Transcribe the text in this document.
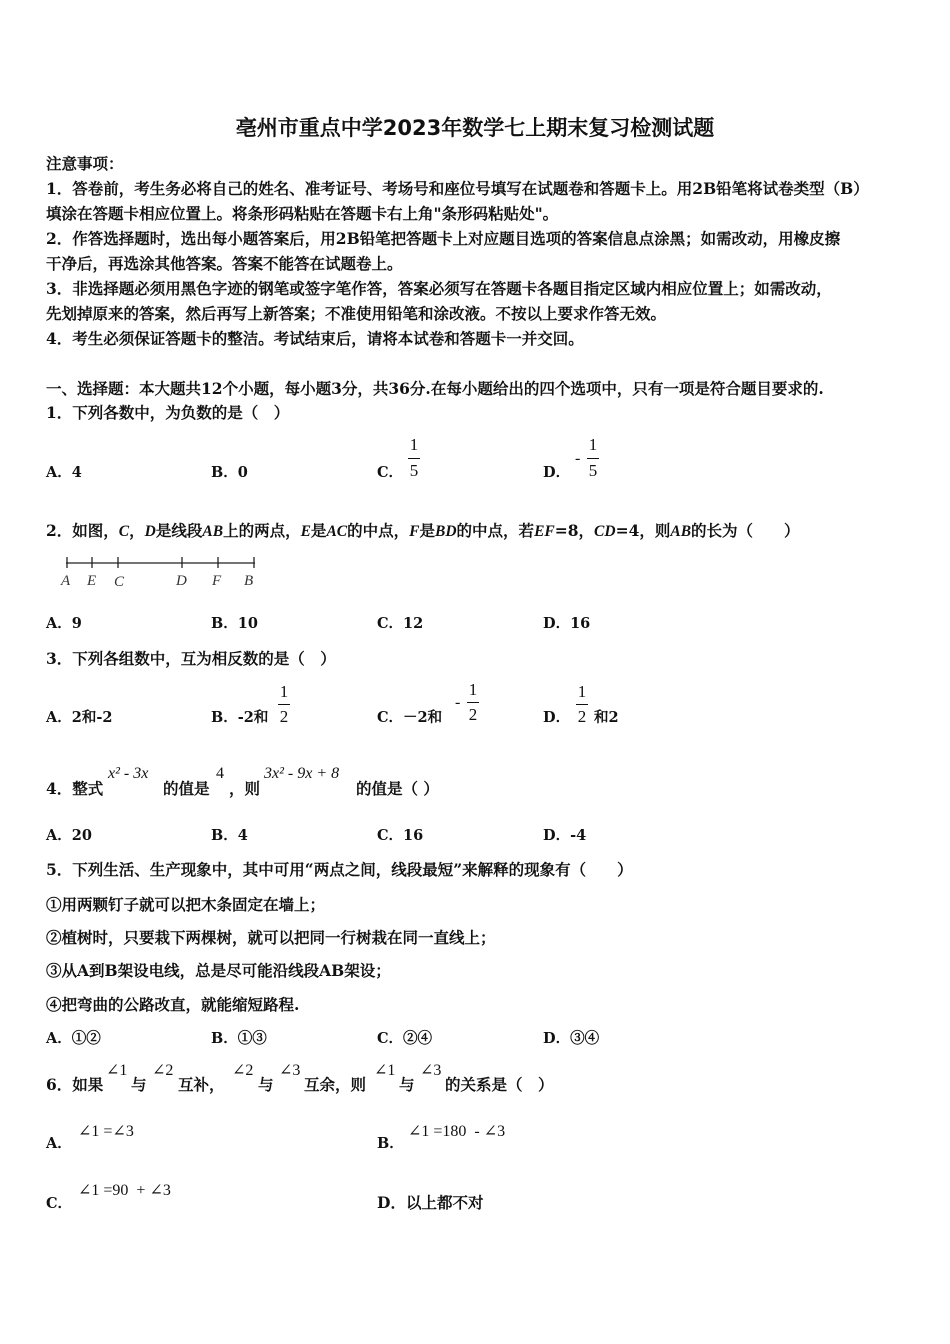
亳州市重点中学2023年数学七上期末复习检测试题
注意事项：
1．答卷前，考生务必将自己的姓名、准考证号、考场号和座位号填写在试题卷和答题卡上。用2B铅笔将试卷类型（B）
填涂在答题卡相应位置上。将条形码粘贴在答题卡右上角"条形码粘贴处"。
2．作答选择题时，选出每小题答案后，用2B铅笔把答题卡上对应题目选项的答案信息点涂黑；如需改动，用橡皮擦
干净后，再选涂其他答案。答案不能答在试题卷上。
3．非选择题必须用黑色字迹的钢笔或签字笔作答，答案必须写在答题卡各题目指定区域内相应位置上；如需改动，
先划掉原来的答案，然后再写上新答案；不准使用铅笔和涂改液。不按以上要求作答无效。
4．考生必须保证答题卡的整洁。考试结束后，请将本试卷和答题卡一并交回。
一、选择题：本大题共12个小题，每小题3分，共36分.在每小题给出的四个选项中，只有一项是符合题目要求的.
1．下列各数中，为负数的是（　）
A．4	B．0	C．
1
5	D．
-
1
5
2．如图，C，D是线段AB上的两点，E是AC的中点，F是BD的中点，若EF=8，CD=4，则AB的长为（　　）
A E C	D F B
A．9	B．10	C．12	D．16
3．下列各组数中，互为相反数的是（　）
A．2和-2	B．-2和
1
2	C．－2和
-
1
2	D．
1
2 和2
4．整式
x² - 3x
的值是
4
，则
3x² - 9x + 8
的值是（ ）
A．20	B．4	C．16	D．-4
5．下列生活、生产现象中，其中可用“两点之间，线段最短”来解释的现象有（　　）
①用两颗钉子就可以把木条固定在墙上；
②植树时，只要栽下两棵树，就可以把同一行树栽在同一直线上；
③从A到B架设电线，总是尽可能沿线段AB架设；
④把弯曲的公路改直，就能缩短路程.
A．①②	B．①③	C．②④	D．③④
6．如果
∠1
与
∠2
互补，
∠2
与
∠3
互余，则
∠1
与
∠3
的关系是（　）
A．
∠1 =∠3
B．
∠1 =180  - ∠3
C．
∠1 =90  + ∠3
D．以上都不对
